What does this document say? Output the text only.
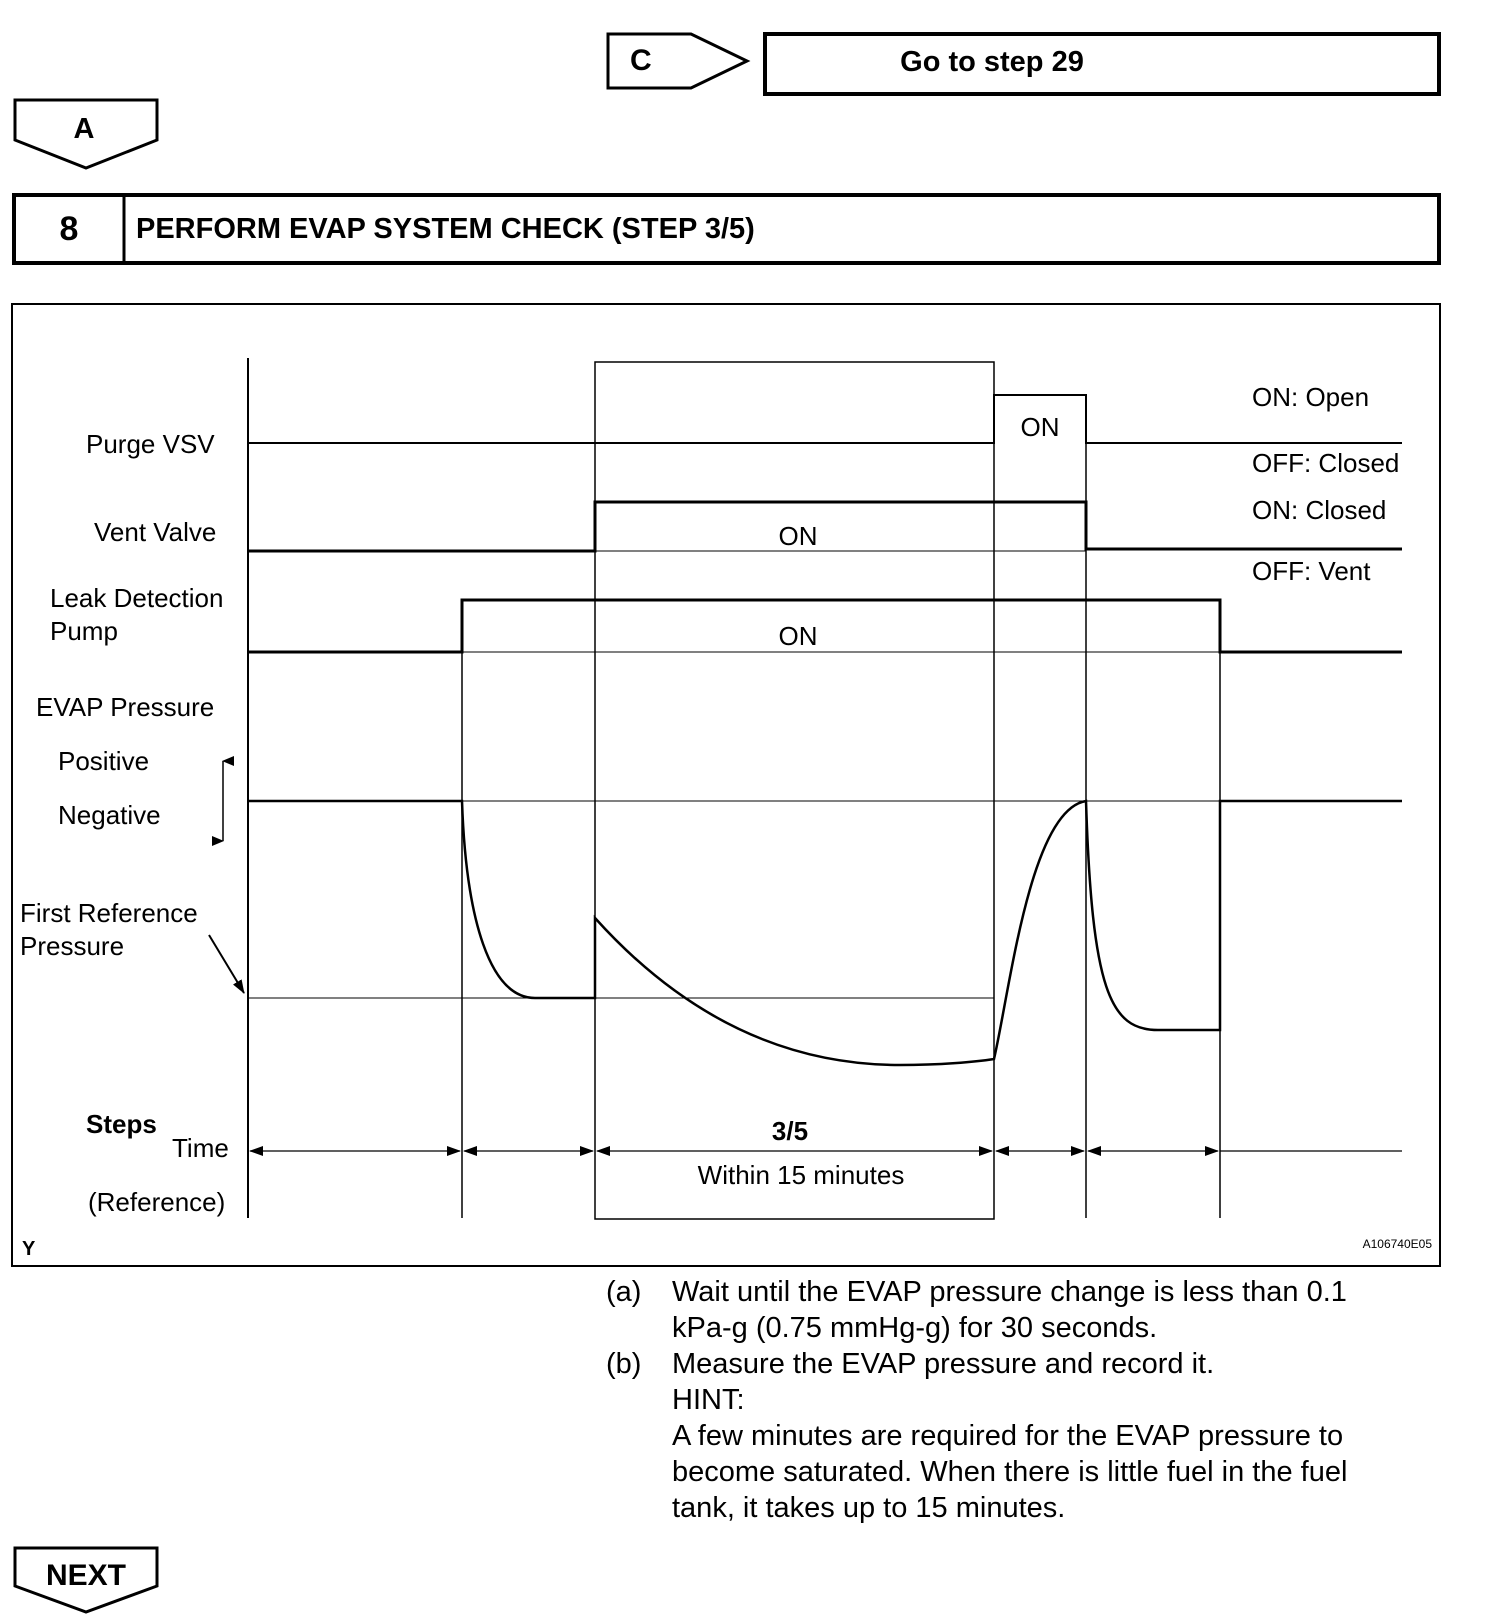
C	Go to step 29
A
8 PERFORM EVAP SYSTEM CHECK (STEP 3/5)
Purge VSV
Vent Valve
Leak Detection
Pump
EVAP Pressure
Positive
Negative
First Reference
Pressure
Steps
Time
(Reference)
ON
ON
ON
ON: Open
OFF: Closed
ON: Closed
OFF: Vent
3/5
Within 15 minutes
Y	A106740E05
NEXT
(a) Wait until the EVAP pressure change is less than 0.1
kPa-g (0.75 mmHg-g) for 30 seconds.
(b) Measure the EVAP pressure and record it.
HINT:
A few minutes are required for the EVAP pressure to
become saturated. When there is little fuel in the fuel
tank, it takes up to 15 minutes.
